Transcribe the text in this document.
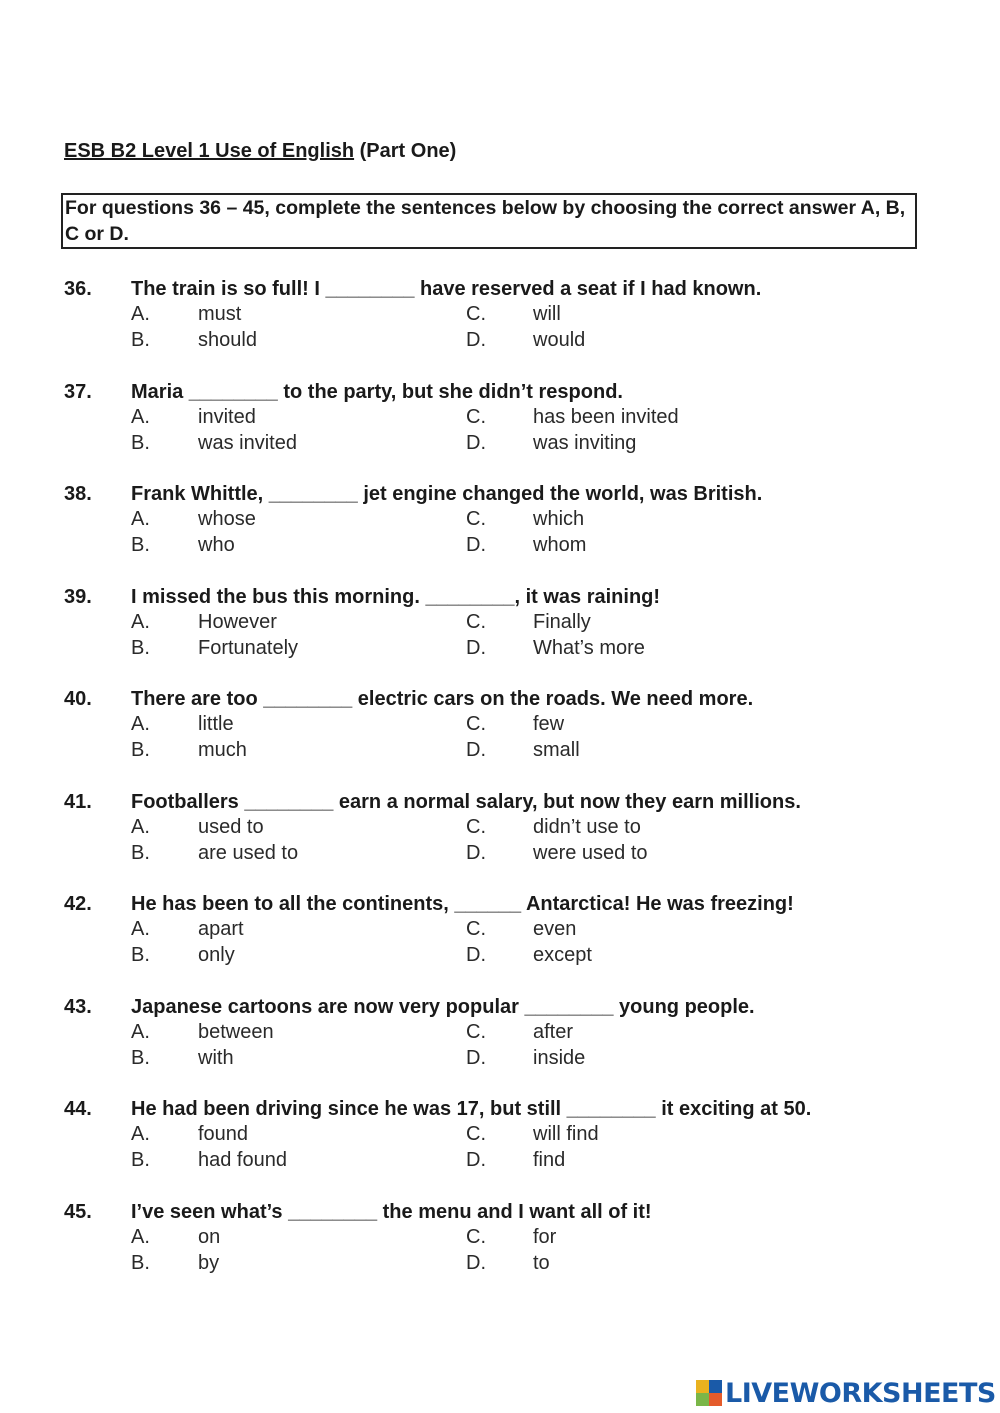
ESB B2 Level 1 Use of English (Part One)
For questions 36 – 45, complete the sentences below by choosing the correct answer A, B, C or D.
36. The train is so full! I ________ have reserved a seat if I had known.
A. must	C. will
B. should	D. would
37. Maria ________ to the party, but she didn’t respond.
A. invited	C. has been invited
B. was invited	D. was inviting
38. Frank Whittle, ________ jet engine changed the world, was British.
A. whose	C. which
B. who	D. whom
39. I missed the bus this morning. ________, it was raining!
A. However	C. Finally
B. Fortunately	D. What’s more
40. There are too ________ electric cars on the roads. We need more.
A. little	C. few
B. much	D. small
41. Footballers ________ earn a normal salary, but now they earn millions.
A. used to	C. didn’t use to
B. are used to	D. were used to
42. He has been to all the continents, ______ Antarctica! He was freezing!
A. apart	C. even
B. only	D. except
43. Japanese cartoons are now very popular ________ young people.
A. between	C. after
B. with	D. inside
44. He had been driving since he was 17, but still ________ it exciting at 50.
A. found	C. will find
B. had found	D. find
45. I’ve seen what’s ________ the menu and I want all of it!
A. on	C. for
B. by	D. to
LIVEWORKSHEETS
